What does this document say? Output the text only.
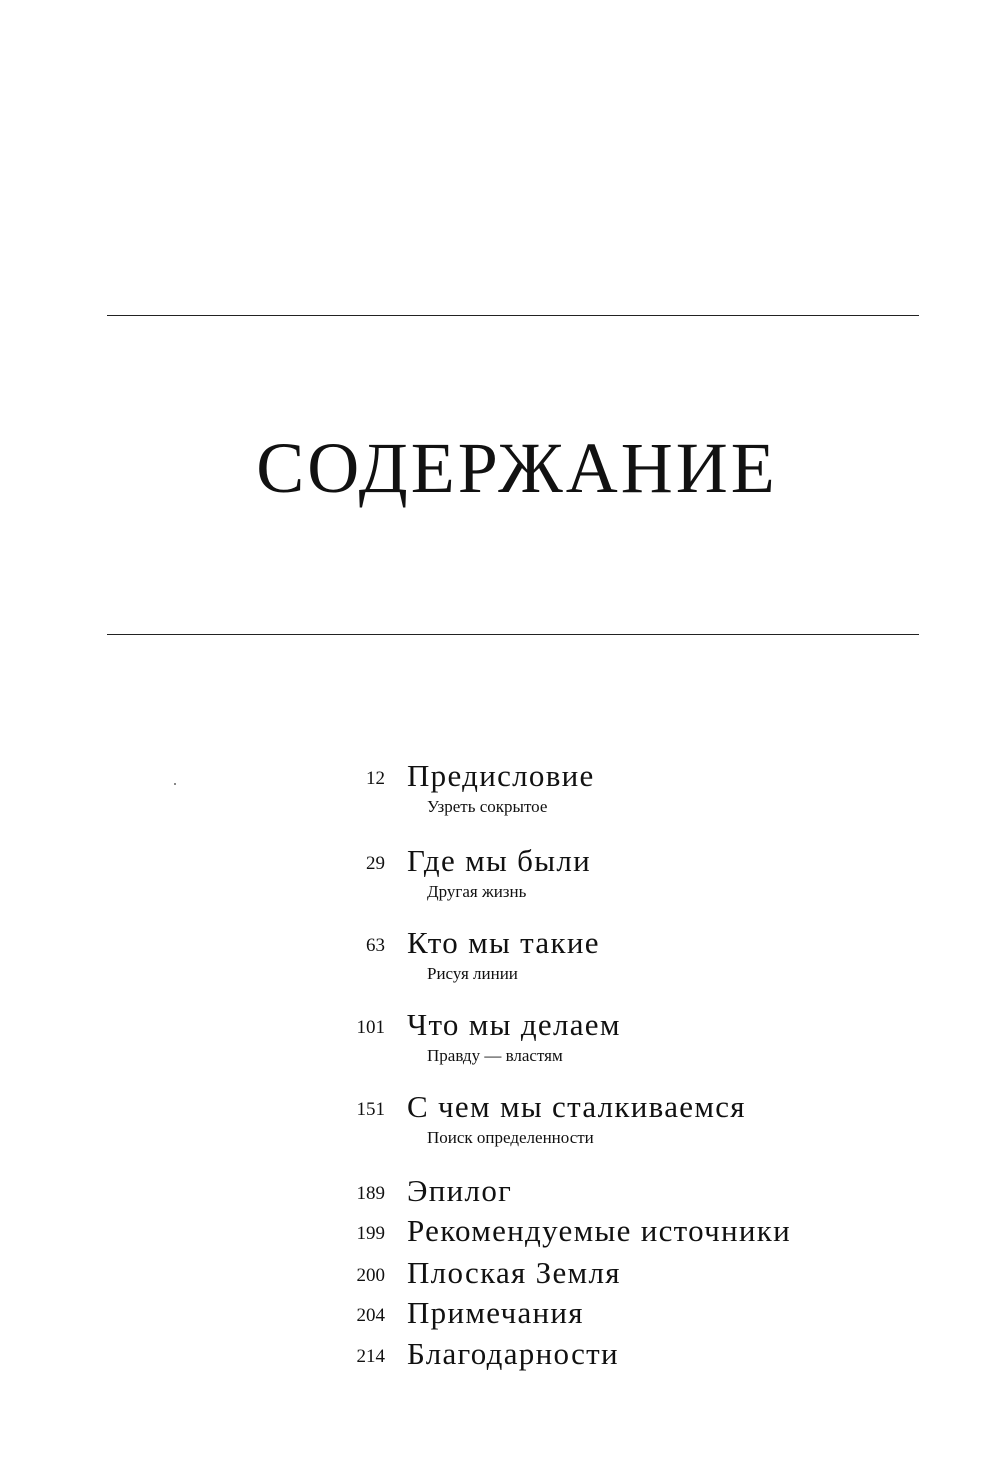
СОДЕРЖАНИЕ
12 Предисловие
Узреть сокрытое
29 Где мы были
Другая жизнь
63 Кто мы такие
Рисуя линии
101 Что мы делаем
Правду — властям
151 С чем мы сталкиваемся
Поиск определенности
189 Эпилог
199 Рекомендуемые источники
200 Плоская Земля
204 Примечания
214 Благодарности
